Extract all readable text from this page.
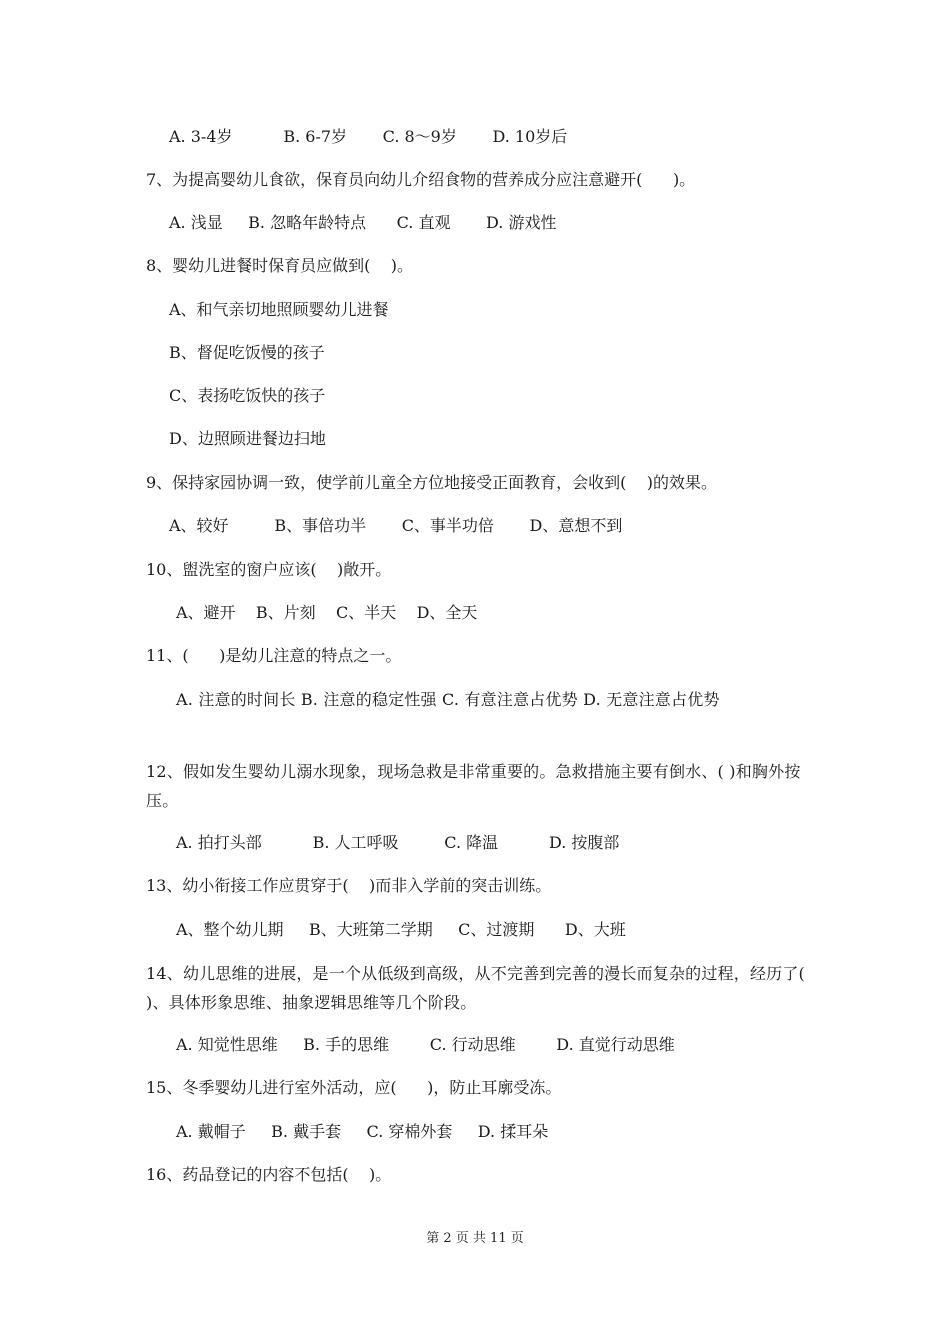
A. 3-4岁          B. 6-7岁       C. 8～9岁       D. 10岁后
7、为提高婴幼儿食欲，保育员向幼儿介绍食物的营养成分应注意避开(      )。
A. 浅显     B. 忽略年龄特点      C. 直观       D. 游戏性
8、婴幼儿进餐时保育员应做到(    )。
A、和气亲切地照顾婴幼儿进餐
B、督促吃饭慢的孩子
C、表扬吃饭快的孩子
D、边照顾进餐边扫地
9、保持家园协调一致，使学前儿童全方位地接受正面教育，会收到(    )的效果。
A、较好         B、事倍功半       C、事半功倍       D、意想不到
10、盥洗室的窗户应该(    )敞开。
A、避开    B、片刻    C、半天    D、全天
11、(      )是幼儿注意的特点之一。
A. 注意的时间长 B. 注意的稳定性强 C. 有意注意占优势 D. 无意注意占优势
12、假如发生婴幼儿溺水现象，现场急救是非常重要的。急救措施主要有倒水、( )和胸外按压。
A. 拍打头部          B. 人工呼吸         C. 降温          D. 按腹部
13、幼小衔接工作应贯穿于(    )而非入学前的突击训练。
A、整个幼儿期     B、大班第二学期     C、过渡期      D、大班
14、幼儿思维的进展，是一个从低级到高级，从不完善到完善的漫长而复杂的过程，经历了( )、具体形象思维、抽象逻辑思维等几个阶段。
A. 知觉性思维     B. 手的思维        C. 行动思维        D. 直觉行动思维
15、冬季婴幼儿进行室外活动，应(      )，防止耳廓受冻。
A. 戴帽子     B. 戴手套     C. 穿棉外套     D. 揉耳朵
16、药品登记的内容不包括(    )。
第 2 页 共 11 页
